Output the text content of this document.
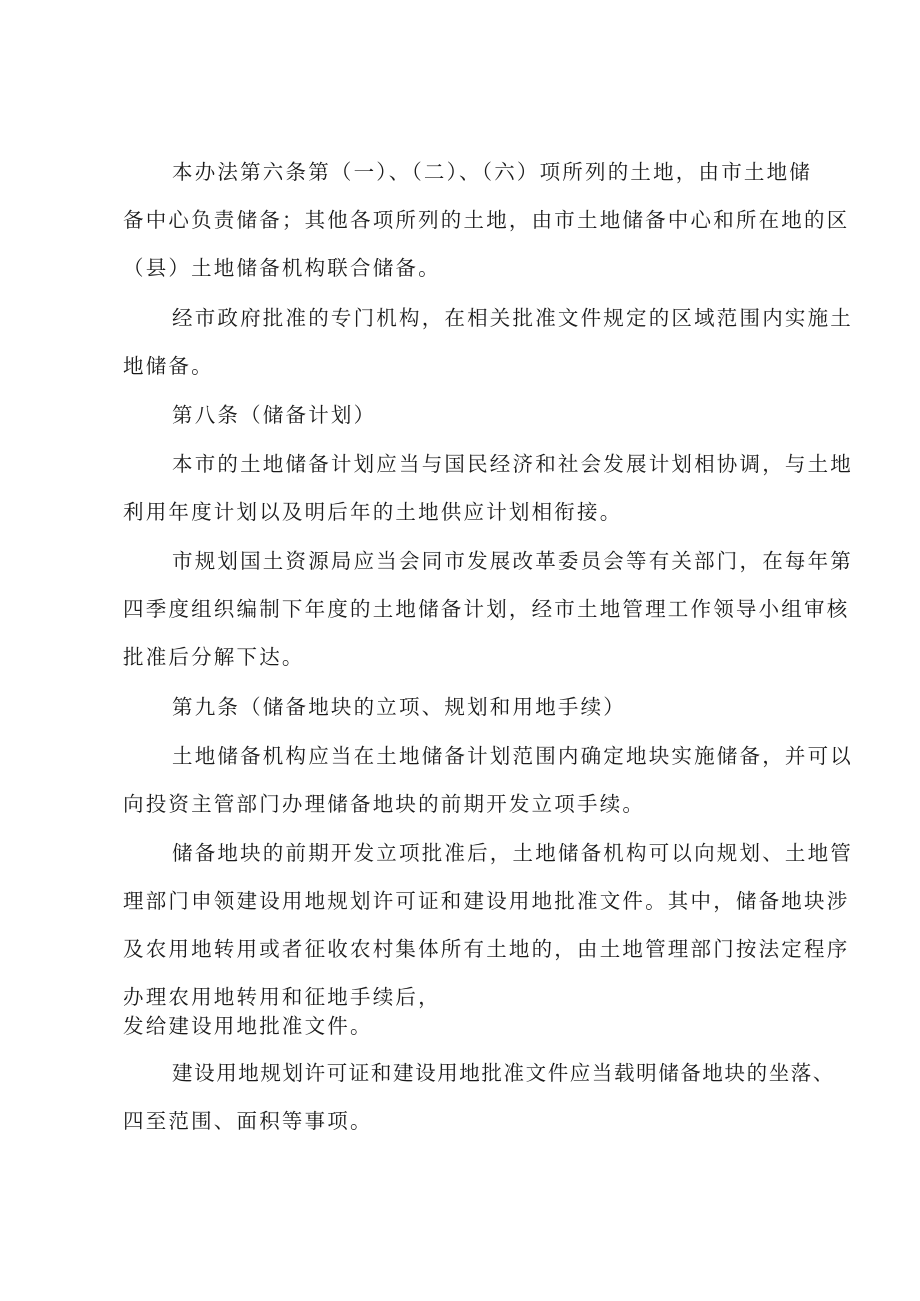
本办法第六条第（一）、（二）、（六）项所列的土地，由市土地储
备中心负责储备；其他各项所列的土地，由市土地储备中心和所在地的区
（县）土地储备机构联合储备。
经市政府批准的专门机构，在相关批准文件规定的区域范围内实施土
地储备。
第八条（储备计划）
本市的土地储备计划应当与国民经济和社会发展计划相协调，与土地
利用年度计划以及明后年的土地供应计划相衔接。
市规划国土资源局应当会同市发展改革委员会等有关部门，在每年第
四季度组织编制下年度的土地储备计划，经市土地管理工作领导小组审核
批准后分解下达。
第九条（储备地块的立项、规划和用地手续）
土地储备机构应当在土地储备计划范围内确定地块实施储备，并可以
向投资主管部门办理储备地块的前期开发立项手续。
储备地块的前期开发立项批准后，土地储备机构可以向规划、土地管
理部门申领建设用地规划许可证和建设用地批准文件。其中，储备地块涉
及农用地转用或者征收农村集体所有土地的，由土地管理部门按法定程序
办理农用地转用和征地手续后，
发给建设用地批准文件。
建设用地规划许可证和建设用地批准文件应当载明储备地块的坐落、
四至范围、面积等事项。
